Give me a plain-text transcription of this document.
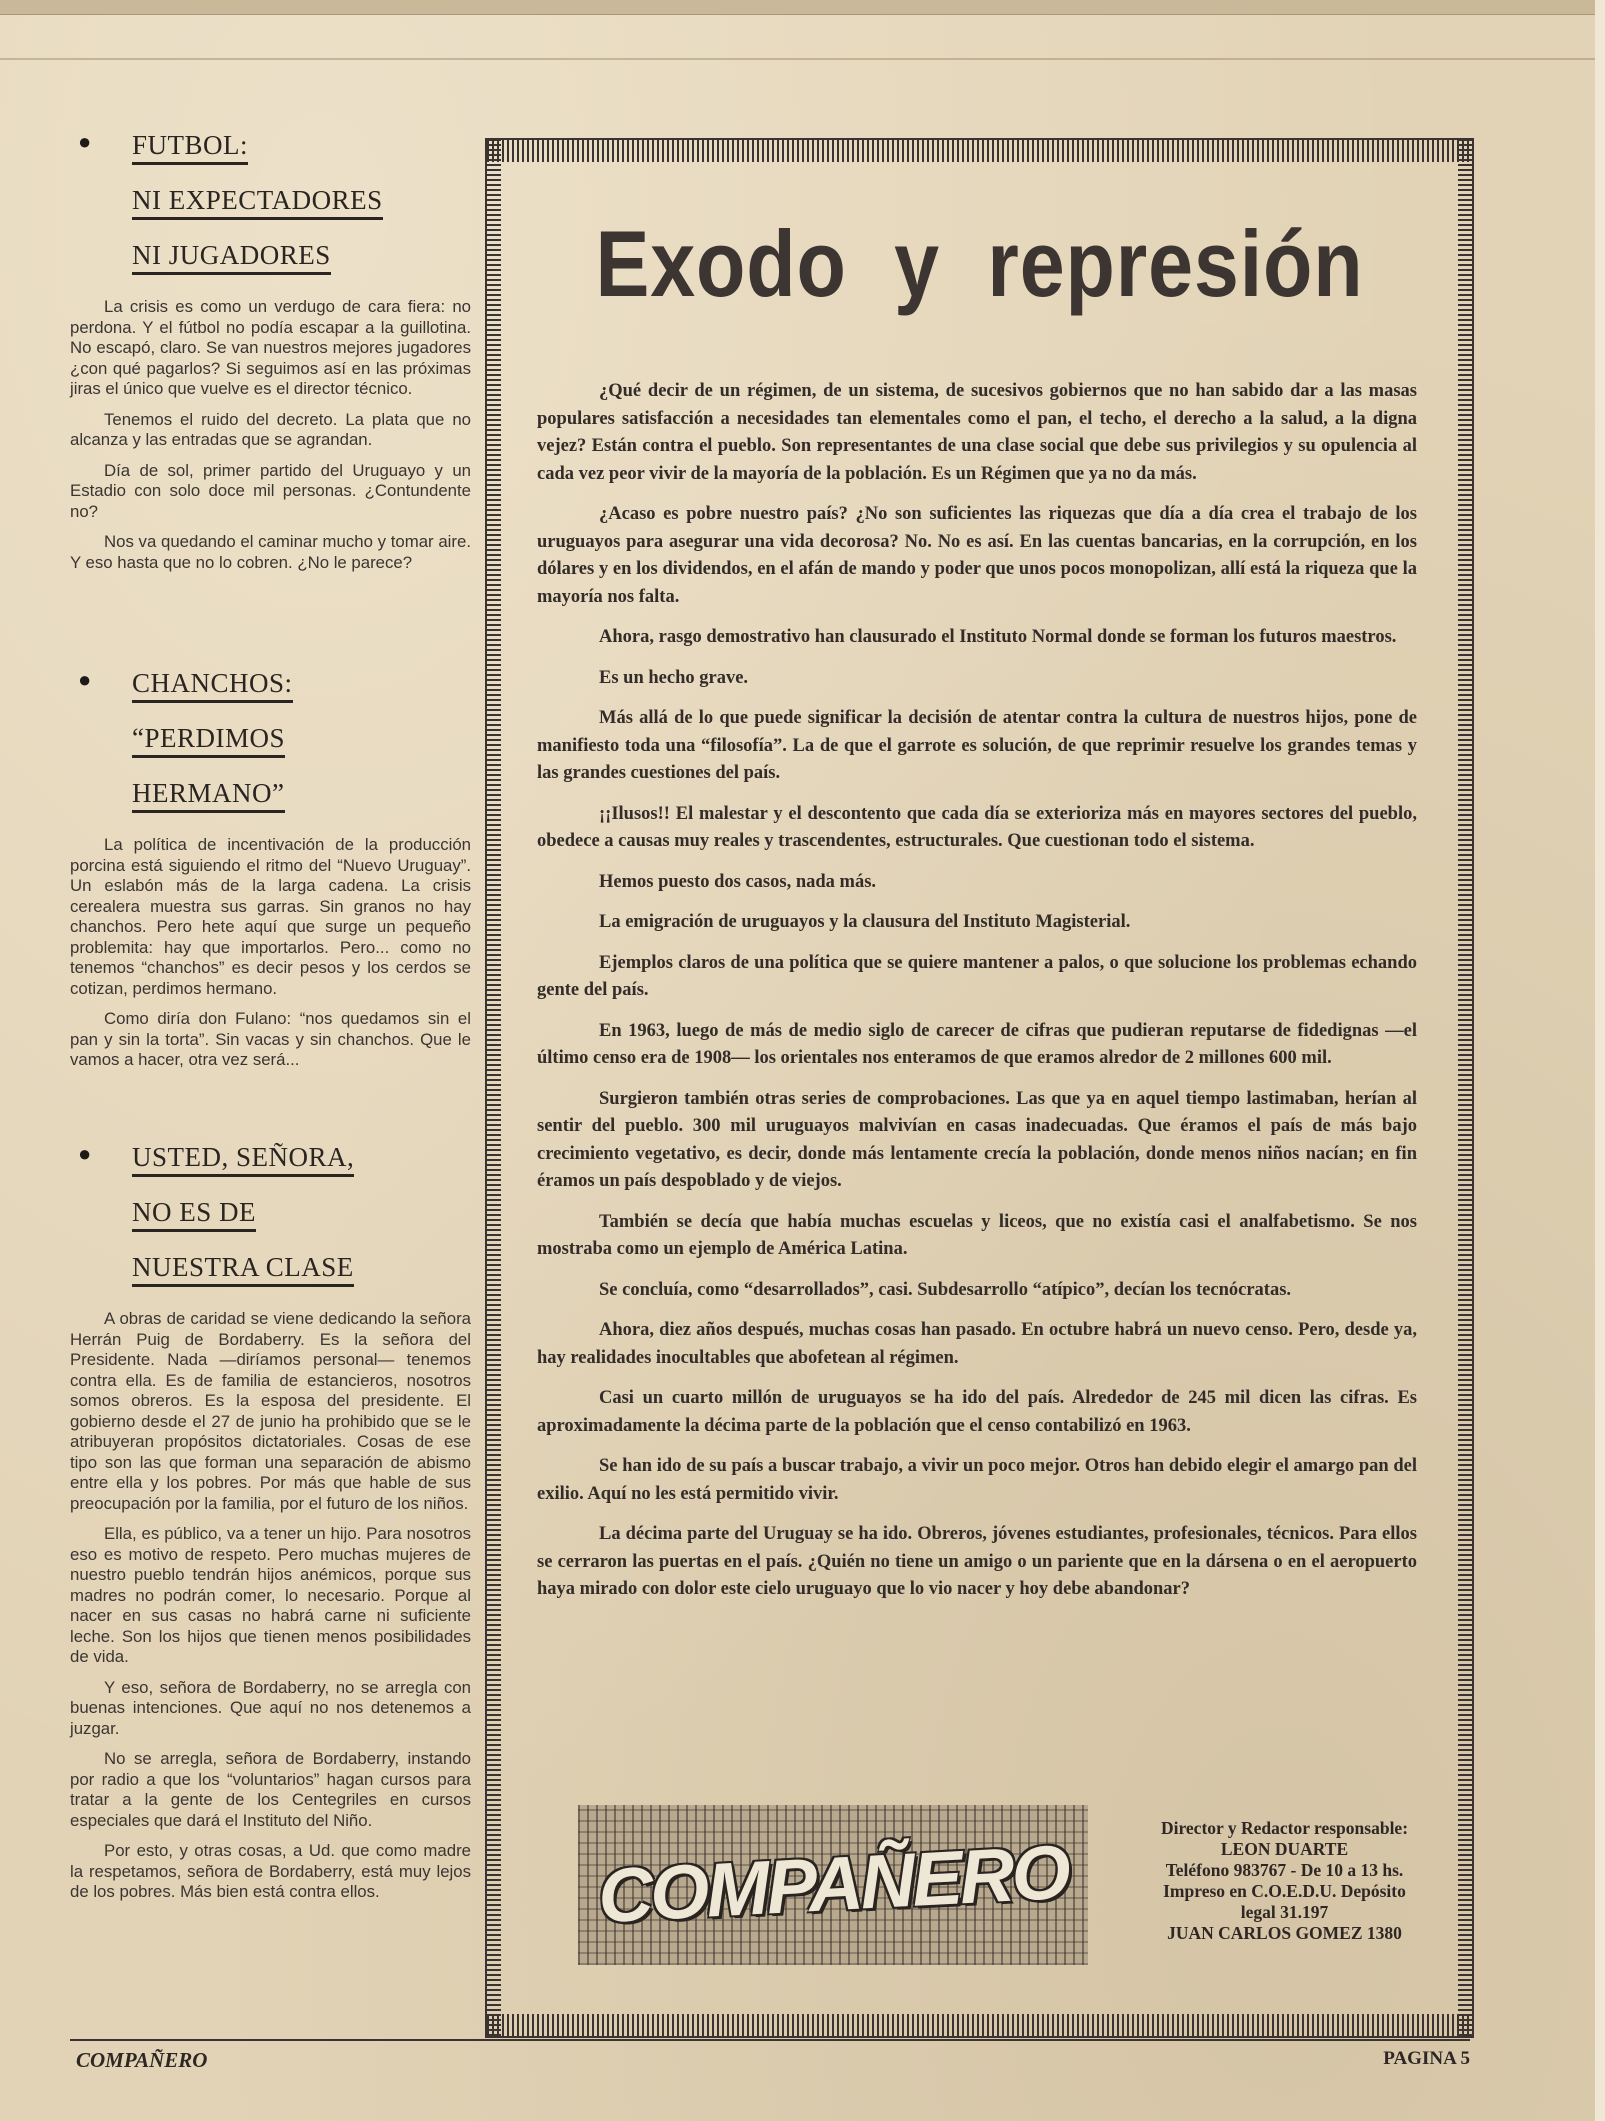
● FUTBOL:
NI EXPECTADORES
NI JUGADORES

La crisis es como un verdugo de cara fiera: no perdona. Y el fútbol no podía escapar a la guillotina. No escapó, claro. Se van nuestros mejores jugadores ¿con qué pagarlos? Si seguimos así en las próximas jiras el único que vuelve es el director técnico.

Tenemos el ruido del decreto. La plata que no alcanza y las entradas que se agrandan.

Día de sol, primer partido del Uruguayo y un Estadio con solo doce mil personas. ¿Contundente no?

Nos va quedando el caminar mucho y tomar aire. Y eso hasta que no lo cobren. ¿No le parece?

● CHANCHOS:
“PERDIMOS
HERMANO”

La política de incentivación de la producción porcina está siguiendo el ritmo del “Nuevo Uruguay”. Un eslabón más de la larga cadena. La crisis cerealera muestra sus garras. Sin granos no hay chanchos. Pero hete aquí que surge un pequeño problemita: hay que importarlos. Pero... como no tenemos “chanchos” es decir pesos y los cerdos se cotizan, perdimos hermano.

Como diría don Fulano: “nos quedamos sin el pan y sin la torta”. Sin vacas y sin chanchos. Que le vamos a hacer, otra vez será...

● USTED, SEÑORA,
NO ES DE
NUESTRA CLASE

A obras de caridad se viene dedicando la señora Herrán Puig de Bordaberry. Es la señora del Presidente. Nada —diríamos personal— tenemos contra ella. Es de familia de estancieros, nosotros somos obreros. Es la esposa del presidente. El gobierno desde el 27 de junio ha prohibido que se le atribuyeran propósitos dictatoriales. Cosas de ese tipo son las que forman una separación de abismo entre ella y los pobres. Por más que hable de sus preocupación por la familia, por el futuro de los niños.

Ella, es público, va a tener un hijo. Para nosotros eso es motivo de respeto. Pero muchas mujeres de nuestro pueblo tendrán hijos anémicos, porque sus madres no podrán comer, lo necesario. Porque al nacer en sus casas no habrá carne ni suficiente leche. Son los hijos que tienen menos posibilidades de vida.

Y eso, señora de Bordaberry, no se arregla con buenas intenciones. Que aquí no nos detenemos a juzgar.

No se arregla, señora de Bordaberry, instando por radio a que los “voluntarios” hagan cursos para tratar a la gente de los Centegriles en cursos especiales que dará el Instituto del Niño.

Por esto, y otras cosas, a Ud. que como madre la respetamos, señora de Bordaberry, está muy lejos de los pobres. Más bien está contra ellos.

Exodo y represión

¿Qué decir de un régimen, de un sistema, de sucesivos gobiernos que no han sabido dar a las masas populares satisfacción a necesidades tan elementales como el pan, el techo, el derecho a la salud, a la digna vejez? Están contra el pueblo. Son representantes de una clase social que debe sus privilegios y su opulencia al cada vez peor vivir de la mayoría de la población. Es un Régimen que ya no da más.

¿Acaso es pobre nuestro país? ¿No son suficientes las riquezas que día a día crea el trabajo de los uruguayos para asegurar una vida decorosa? No. No es así. En las cuentas bancarias, en la corrupción, en los dólares y en los dividendos, en el afán de mando y poder que unos pocos monopolizan, allí está la riqueza que la mayoría nos falta.

Ahora, rasgo demostrativo han clausurado el Instituto Normal donde se forman los futuros maestros.

Es un hecho grave.

Más allá de lo que puede significar la decisión de atentar contra la cultura de nuestros hijos, pone de manifiesto toda una “filosofía”. La de que el garrote es solución, de que reprimir resuelve los grandes temas y las grandes cuestiones del país.

¡¡Ilusos!! El malestar y el descontento que cada día se exterioriza más en mayores sectores del pueblo, obedece a causas muy reales y trascendentes, estructurales. Que cuestionan todo el sistema.

Hemos puesto dos casos, nada más.

La emigración de uruguayos y la clausura del Instituto Magisterial.

Ejemplos claros de una política que se quiere mantener a palos, o que solucione los problemas echando gente del país.

En 1963, luego de más de medio siglo de carecer de cifras que pudieran reputarse de fidedignas —el último censo era de 1908— los orientales nos enteramos de que eramos alredor de 2 millones 600 mil.

Surgieron también otras series de comprobaciones. Las que ya en aquel tiempo lastimaban, herían al sentir del pueblo. 300 mil uruguayos malvivían en casas inadecuadas. Que éramos el país de más bajo crecimiento vegetativo, es decir, donde más lentamente crecía la población, donde menos niños nacían; en fin éramos un país despoblado y de viejos.

También se decía que había muchas escuelas y liceos, que no existía casi el analfabetismo. Se nos mostraba como un ejemplo de América Latina.

Se concluía, como “desarrollados”, casi. Subdesarrollo “atípico”, decían los tecnócratas.

Ahora, diez años después, muchas cosas han pasado. En octubre habrá un nuevo censo. Pero, desde ya, hay realidades inocultables que abofetean al régimen.

Casi un cuarto millón de uruguayos se ha ido del país. Alrededor de 245 mil dicen las cifras. Es aproximadamente la décima parte de la población que el censo contabilizó en 1963.

Se han ido de su país a buscar trabajo, a vivir un poco mejor. Otros han debido elegir el amargo pan del exilio. Aquí no les está permitido vivir.

La décima parte del Uruguay se ha ido. Obreros, jóvenes estudiantes, profesionales, técnicos. Para ellos se cerraron las puertas en el país. ¿Quién no tiene un amigo o un pariente que en la dársena o en el aeropuerto haya mirado con dolor este cielo uruguayo que lo vio nacer y hoy debe abandonar?

COMPAÑERO
Director y Redactor responsable:
LEON DUARTE
Teléfono 983767 - De 10 a 13 hs.
Impreso en C.O.E.D.U. Depósito
legal 31.197
JUAN CARLOS GOMEZ 1380
COMPAÑERO	PAGINA 5
